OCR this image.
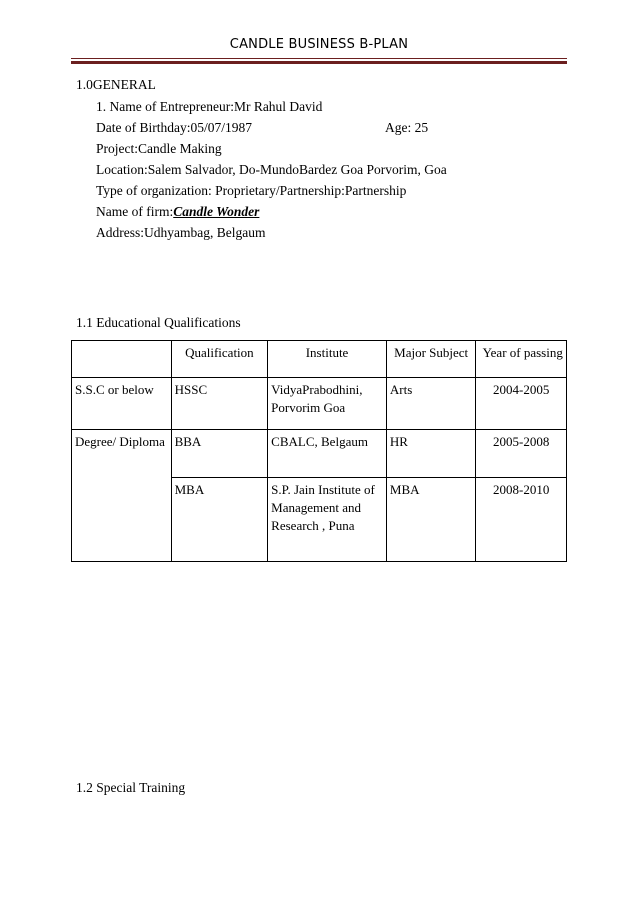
CANDLE BUSINESS B-PLAN
1.0GENERAL
1. Name of Entrepreneur:Mr Rahul David
Date of Birthday:05/07/1987	Age: 25
Project:Candle Making
Location:Salem Salvador, Do-MundoBardez Goa Porvorim, Goa
Type of organization: Proprietary/Partnership:Partnership
Name of firm:Candle Wonder
Address:Udhyambag, Belgaum
1.1 Educational Qualifications
	Qualification	Institute	Major Subject	Year of passing
S.S.C or below	HSSC	VidyaPrabodhini, Porvorim Goa	Arts	2004-2005
Degree/ Diploma	BBA	CBALC, Belgaum	HR	2005-2008
	MBA	S.P. Jain Institute of Management and Research , Puna	MBA	2008-2010
1.2 Special Training
